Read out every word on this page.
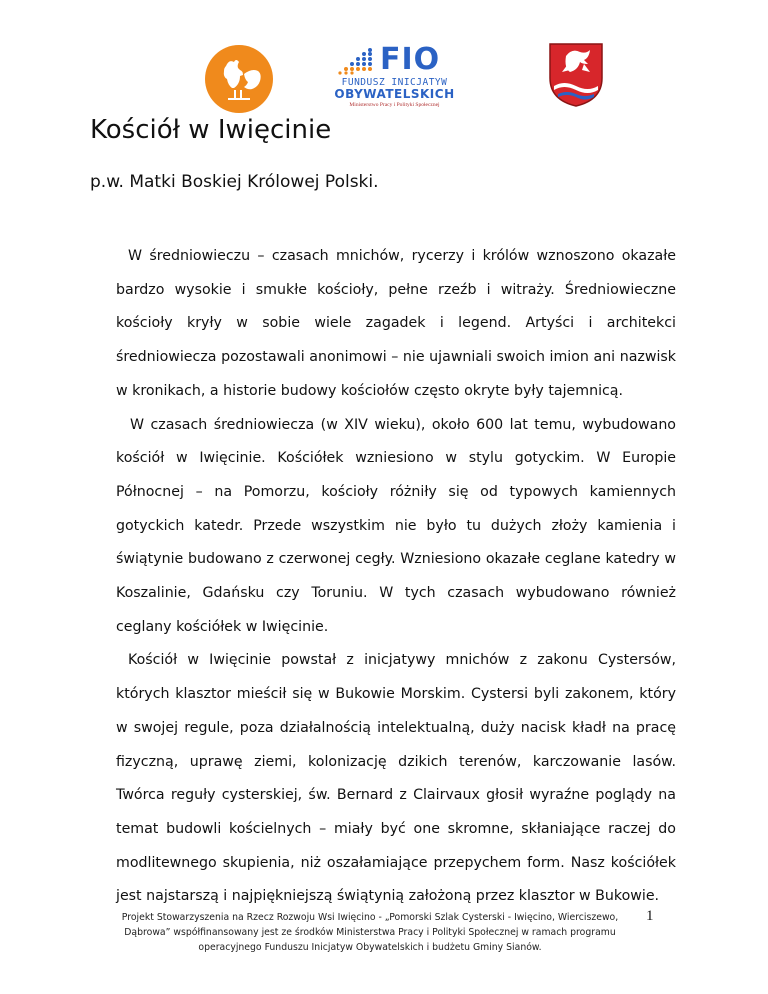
FIO
FUNDUSZ INICJATYW
OBYWATELSKICH
Ministerstwo Pracy i Polityki Społecznej
Kościół w Iwięcinie
p.w. Matki Boskiej Królowej Polski.

W średniowieczu – czasach mnichów, rycerzy i królów wznoszono okazałe bardzo wysokie i smukłe kościoły, pełne rzeźb i witraży. Średniowieczne kościoły kryły w sobie wiele zagadek i legend. Artyści i architekci średniowiecza pozostawali anonimowi – nie ujawniali swoich imion ani nazwisk w kronikach, a historie budowy kościołów często okryte były tajemnicą.

W czasach średniowiecza (w XIV wieku), około 600 lat temu, wybudowano kościół w Iwięcinie. Kościółek wzniesiono w stylu gotyckim. W Europie Północnej – na Pomorzu, kościoły różniły się od typowych kamiennych gotyckich katedr. Przede wszystkim nie było tu dużych złoży kamienia i świątynie budowano z czerwonej cegły. Wzniesiono okazałe ceglane katedry w Koszalinie, Gdańsku czy Toruniu. W tych czasach wybudowano również ceglany kościółek w Iwięcinie.

Kościół w Iwięcinie powstał z inicjatywy mnichów z zakonu Cystersów, których klasztor mieścił się w Bukowie Morskim. Cystersi byli zakonem, który w swojej regule, poza działalnością intelektualną, duży nacisk kładł na pracę fizyczną, uprawę ziemi, kolonizację dzikich terenów, karczowanie lasów. Twórca reguły cysterskiej, św. Bernard z Clairvaux głosił wyraźne poglądy na temat budowli kościelnych – miały być one skromne, skłaniające raczej do modlitewnego skupienia, niż oszałamiające przepychem form. Nasz kościółek jest najstarszą i najpiękniejszą świątynią założoną przez klasztor w Bukowie.

Projekt Stowarzyszenia na Rzecz Rozwoju Wsi Iwięcino - „Pomorski Szlak Cysterski - Iwięcino, Wierciszewo, Dąbrowa” współfinansowany jest ze środków Ministerstwa Pracy i Polityki Społecznej w ramach programu operacyjnego Funduszu Inicjatyw Obywatelskich i budżetu Gminy Sianów.
1
